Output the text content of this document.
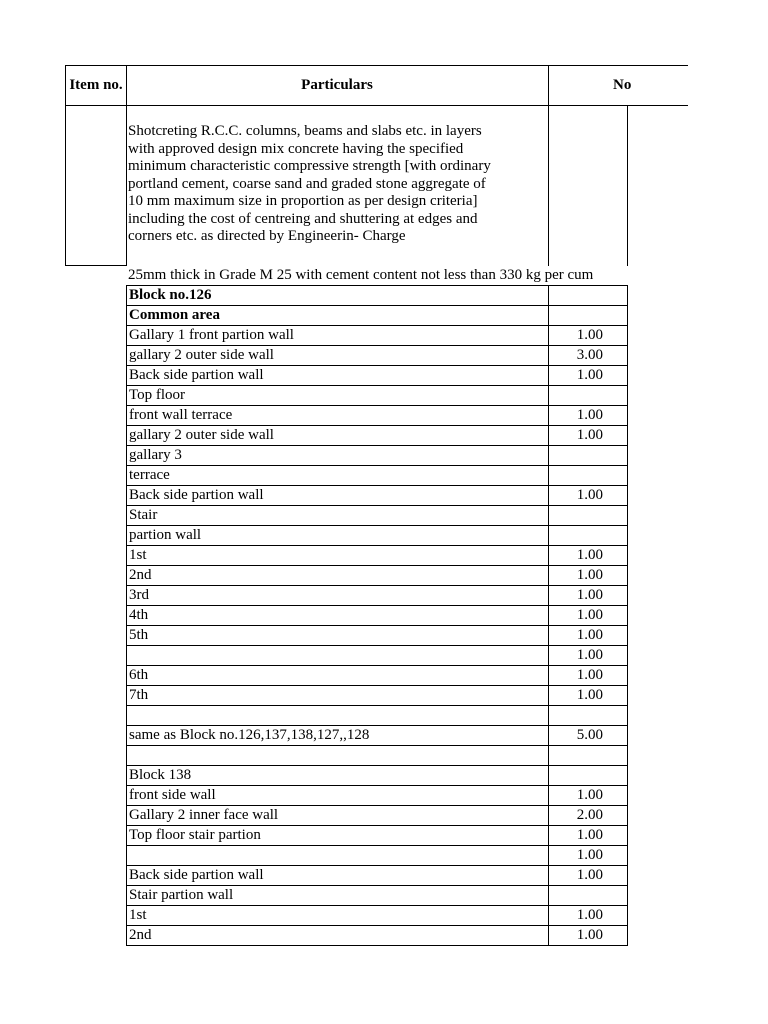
Item no.	Particulars	No
Shotcreting R.C.C. columns, beams and slabs etc. in layers
with approved design mix concrete having the specified
minimum characteristic compressive strength [with ordinary
portland cement, coarse sand and graded stone aggregate of
10 mm maximum size in proportion as per design criteria]
including the cost of centreing and shuttering at edges and
corners etc. as directed by Engineerin- Charge
25mm thick in Grade M 25 with cement content not less than 330 kg per cum
Block no.126
Common area
Gallary 1 front partion wall	1.00
gallary 2 outer side wall	3.00
Back side partion wall	1.00
Top floor
front wall terrace	1.00
gallary 2 outer side wall	1.00
gallary 3
terrace
Back side partion wall	1.00
Stair
partion wall
1st	1.00
2nd	1.00
3rd	1.00
4th	1.00
5th	1.00
1.00
6th	1.00
7th	1.00
same as Block no.126,137,138,127,,128	5.00
Block 138
front side wall	1.00
Gallary 2 inner face wall	2.00
Top floor stair partion	1.00
1.00
Back side partion wall	1.00
Stair partion wall
1st	1.00
2nd	1.00
